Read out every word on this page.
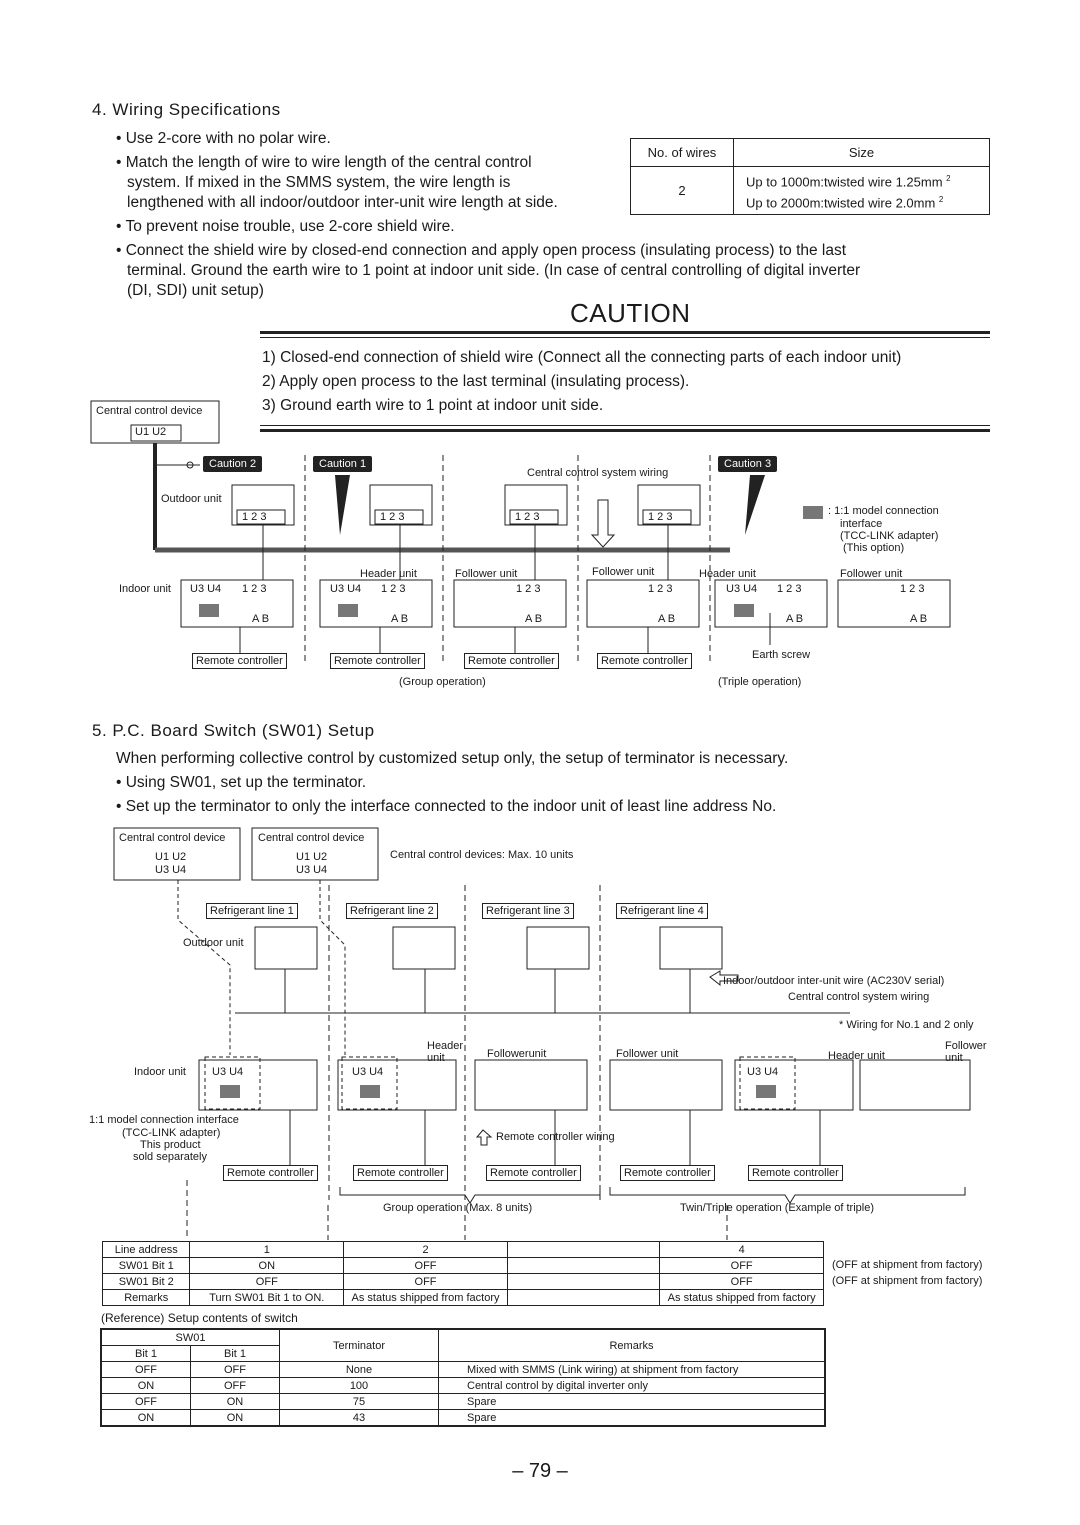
4. Wiring Specifications
• Use 2-core with no polar wire.
• Match the length of wire to wire length of the central control
system. If mixed in the SMMS system, the wire length is
lengthened with all indoor/outdoor inter-unit wire length at side.
• To prevent noise trouble, use 2-core shield wire.
• Connect the shield wire by closed-end connection and apply open process (insulating process) to the last
terminal. Ground the earth wire to 1 point at indoor unit side. (In case of central controlling of digital inverter
(DI, SDI) unit setup)
No. of wires	Size
2	Up to 1000m:twisted wire 1.25mm $^2$
Up to 2000m:twisted wire 2.0mm $^2$
CAUTION
1) Closed-end connection of shield wire (Connect all the connecting parts of each indoor unit)
2) Apply open process to the last terminal (insulating process).
3) Ground earth wire to 1 point at indoor unit side.
Central control device
U1 U2
Caution 2	Caution 1	Caution 3
Central control system wiring
Outdoor unit
1 2 3	1 2 3	1 2 3	1 2 3	: 1:1 model connection
interface
(TCC-LINK adapter)
(This option)
Header unit	Follower unit	Follower unit	Header unit	Follower unit
Indoor unit U3 U4 1 2 3	U3 U4 1 2 3	1 2 3	1 2 3	U3 U4 1 2 3	1 2 3
A B	A B	A B	A B	A B	A B
Earth screw
Remote controller	Remote controller	Remote controller	Remote controller
(Group operation)	(Triple operation)
5. P.C. Board Switch (SW01) Setup
When performing collective control by customized setup only, the setup of terminator is necessary.
• Using SW01, set up the terminator.
• Set up the terminator to only the interface connected to the indoor unit of least line address No.
Central control device	Central control device
U1 U2
U3 U4
U1 U2
U3 U4
Central control devices: Max. 10 units
Refrigerant line 1	Refrigerant line 2	Refrigerant line 3	Refrigerant line 4
Outdoor unit
Indoor/outdoor inter-unit wire (AC230V serial)
Central control system wiring
* Wiring for No.1 and 2 only
Header
unit	Followerunit	Follower unit	Header unit
Follower
unit
Indoor unit U3 U4	U3 U4	U3 U4
1:1 model connection interface
(TCC-LINK adapter)
This product
sold separately
Remote controller wiring
Remote controller	Remote controller	Remote controller	Remote controller	Remote controller
Group operation (Max. 8 units)	Twin/Triple operation (Example of triple)
Line address	1	2		4
SW01 Bit 1	ON	OFF		OFF
SW01 Bit 2	OFF	OFF		OFF
Remarks	Turn SW01 Bit 1 to ON.	As status shipped from factory		As status shipped from factory
(OFF at shipment from factory)
(OFF at shipment from factory)
(Reference) Setup contents of switch
SW01		Terminator	Remarks
Bit 1	Bit 1		
OFF	OFF	None	Mixed with SMMS (Link wiring) at shipment from factory
ON	OFF	100	Central control by digital inverter only
OFF	ON	75	Spare
ON	ON	43	Spare
– 79 –
